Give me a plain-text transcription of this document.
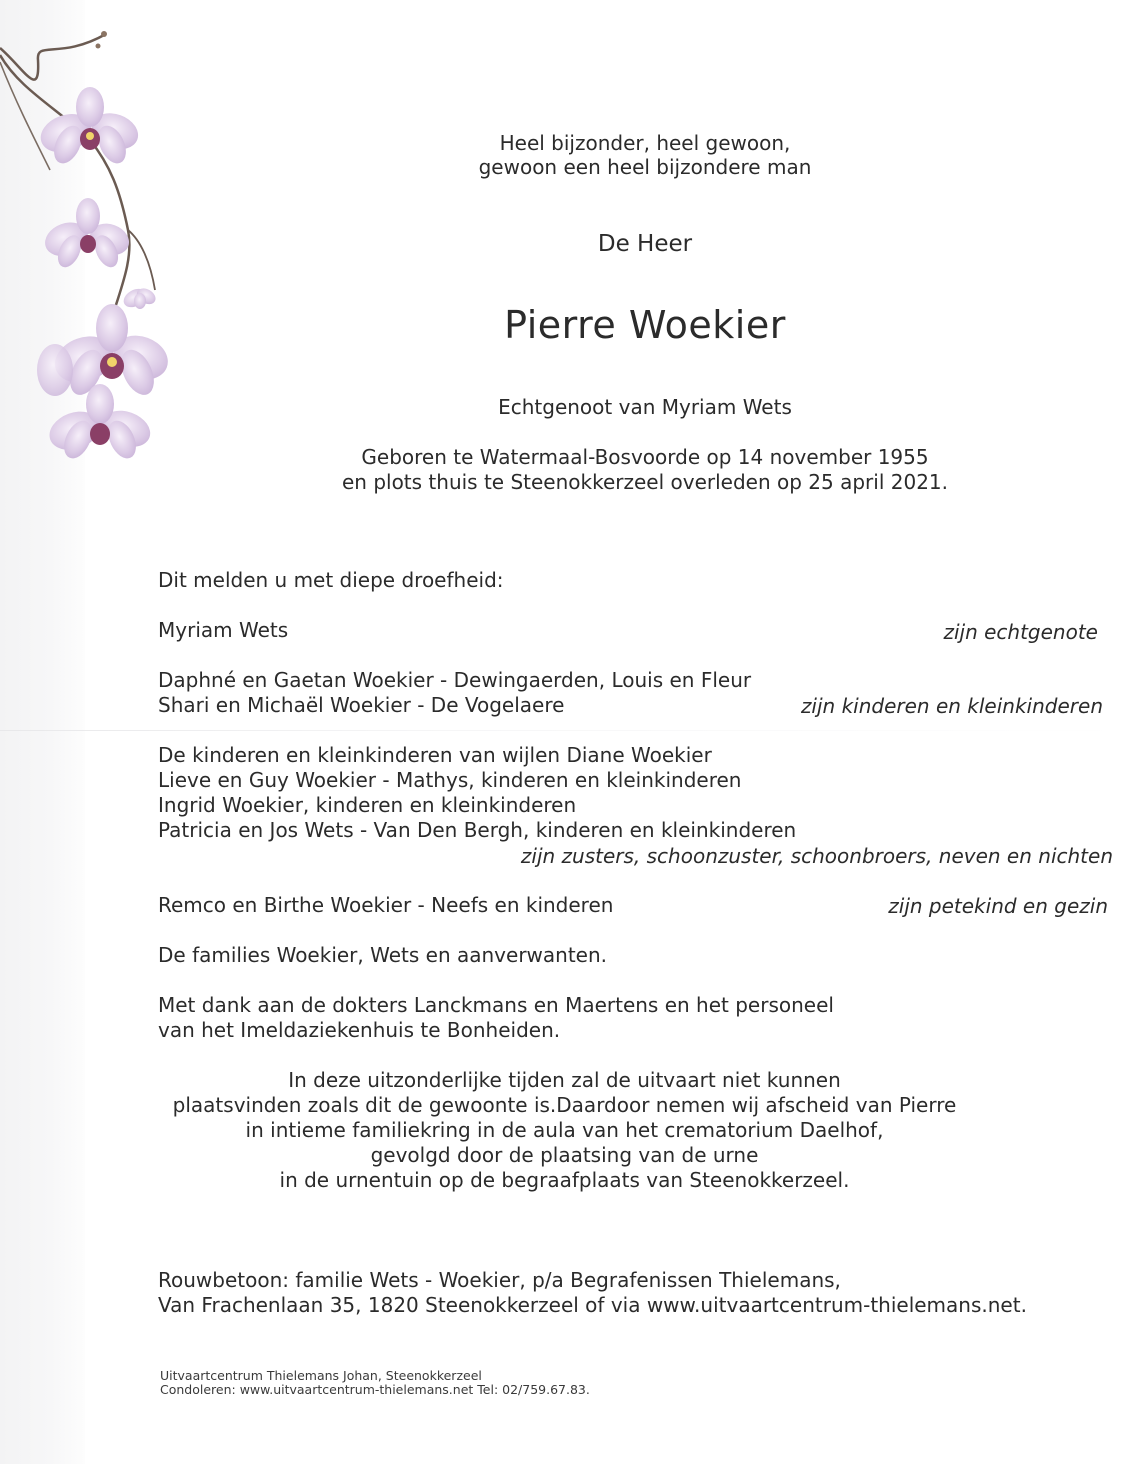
Heel bijzonder, heel gewoon,
gewoon een heel bijzondere man
De Heer
Pierre Woekier
Echtgenoot van Myriam Wets
Geboren te Watermaal-Bosvoorde op 14 november 1955
en plots thuis te Steenokkerzeel overleden op 25 april 2021.
Dit melden u met diepe droefheid:
Myriam Wets	zijn echtgenote
Daphné en Gaetan Woekier - Dewingaerden, Louis en Fleur
Shari en Michaël Woekier - De Vogelaere	zijn kinderen en kleinkinderen
De kinderen en kleinkinderen van wijlen Diane Woekier
Lieve en Guy Woekier - Mathys, kinderen en kleinkinderen
Ingrid Woekier, kinderen en kleinkinderen
Patricia en Jos Wets - Van Den Bergh, kinderen en kleinkinderen
zijn zusters, schoonzuster, schoonbroers, neven en nichten
Remco en Birthe Woekier - Neefs en kinderen	zijn petekind en gezin
De families Woekier, Wets en aanverwanten.
Met dank aan de dokters Lanckmans en Maertens en het personeel
van het Imeldaziekenhuis te Bonheiden.
In deze uitzonderlijke tijden zal de uitvaart niet kunnen
plaatsvinden zoals dit de gewoonte is.Daardoor nemen wij afscheid van Pierre
in intieme familiekring in de aula van het crematorium Daelhof,
gevolgd door de plaatsing van de urne
in de urnentuin op de begraafplaats van Steenokkerzeel.
Rouwbetoon: familie Wets - Woekier, p/a Begrafenissen Thielemans,
Van Frachenlaan 35, 1820 Steenokkerzeel of via www.uitvaartcentrum-thielemans.net.
Uitvaartcentrum Thielemans Johan, Steenokkerzeel
Condoleren: www.uitvaartcentrum-thielemans.net Tel: 02/759.67.83.
